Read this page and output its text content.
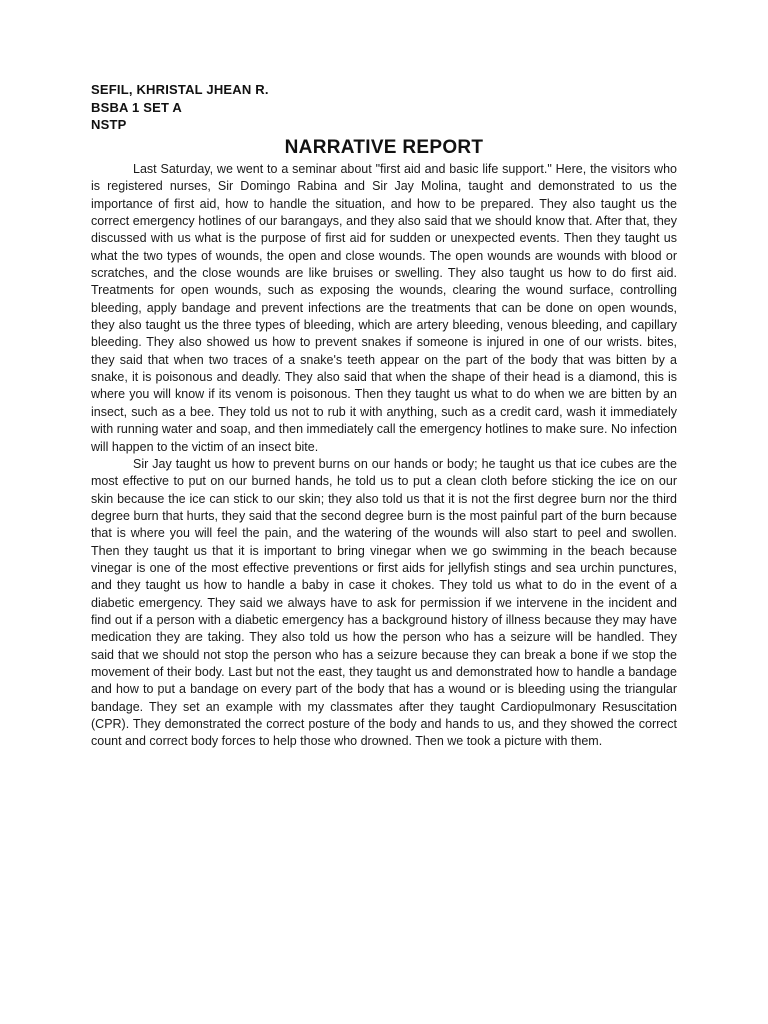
SEFIL, KHRISTAL JHEAN R.
BSBA 1 SET A
NSTP
NARRATIVE REPORT

Last Saturday, we went to a seminar about "first aid and basic life support." Here, the visitors who is registered nurses, Sir Domingo Rabina and Sir Jay Molina, taught and demonstrated to us the importance of first aid, how to handle the situation, and how to be prepared. They also taught us the correct emergency hotlines of our barangays, and they also said that we should know that. After that, they discussed with us what is the purpose of first aid for sudden or unexpected events. Then they taught us what the two types of wounds, the open and close wounds. The open wounds are wounds with blood or scratches, and the close wounds are like bruises or swelling. They also taught us how to do first aid. Treatments for open wounds, such as exposing the wounds, clearing the wound surface, controlling bleeding, apply bandage and prevent infections are the treatments that can be done on open wounds, they also taught us the three types of bleeding, which are artery bleeding, venous bleeding, and capillary bleeding. They also showed us how to prevent snakes if someone is injured in one of our wrists. bites, they said that when two traces of a snake's teeth appear on the part of the body that was bitten by a snake, it is poisonous and deadly. They also said that when the shape of their head is a diamond, this is where you will know if its venom is poisonous. Then they taught us what to do when we are bitten by an insect, such as a bee. They told us not to rub it with anything, such as a credit card, wash it immediately with running water and soap, and then immediately call the emergency hotlines to make sure. No infection will happen to the victim of an insect bite.

Sir Jay taught us how to prevent burns on our hands or body; he taught us that ice cubes are the most effective to put on our burned hands, he told us to put a clean cloth before sticking the ice on our skin because the ice can stick to our skin; they also told us that it is not the first degree burn nor the third degree burn that hurts, they said that the second degree burn is the most painful part of the burn because that is where you will feel the pain, and the watering of the wounds will also start to peel and swollen. Then they taught us that it is important to bring vinegar when we go swimming in the beach because vinegar is one of the most effective preventions or first aids for jellyfish stings and sea urchin punctures, and they taught us how to handle a baby in case it chokes. They told us what to do in the event of a diabetic emergency. They said we always have to ask for permission if we intervene in the incident and find out if a person with a diabetic emergency has a background history of illness because they may have medication they are taking. They also told us how the person who has a seizure will be handled. They said that we should not stop the person who has a seizure because they can break a bone if we stop the movement of their body. Last but not the east, they taught us and demonstrated how to handle a bandage and how to put a bandage on every part of the body that has a wound or is bleeding using the triangular bandage. They set an example with my classmates after they taught Cardiopulmonary Resuscitation (CPR). They demonstrated the correct posture of the body and hands to us, and they showed the correct count and correct body forces to help those who drowned. Then we took a picture with them.
